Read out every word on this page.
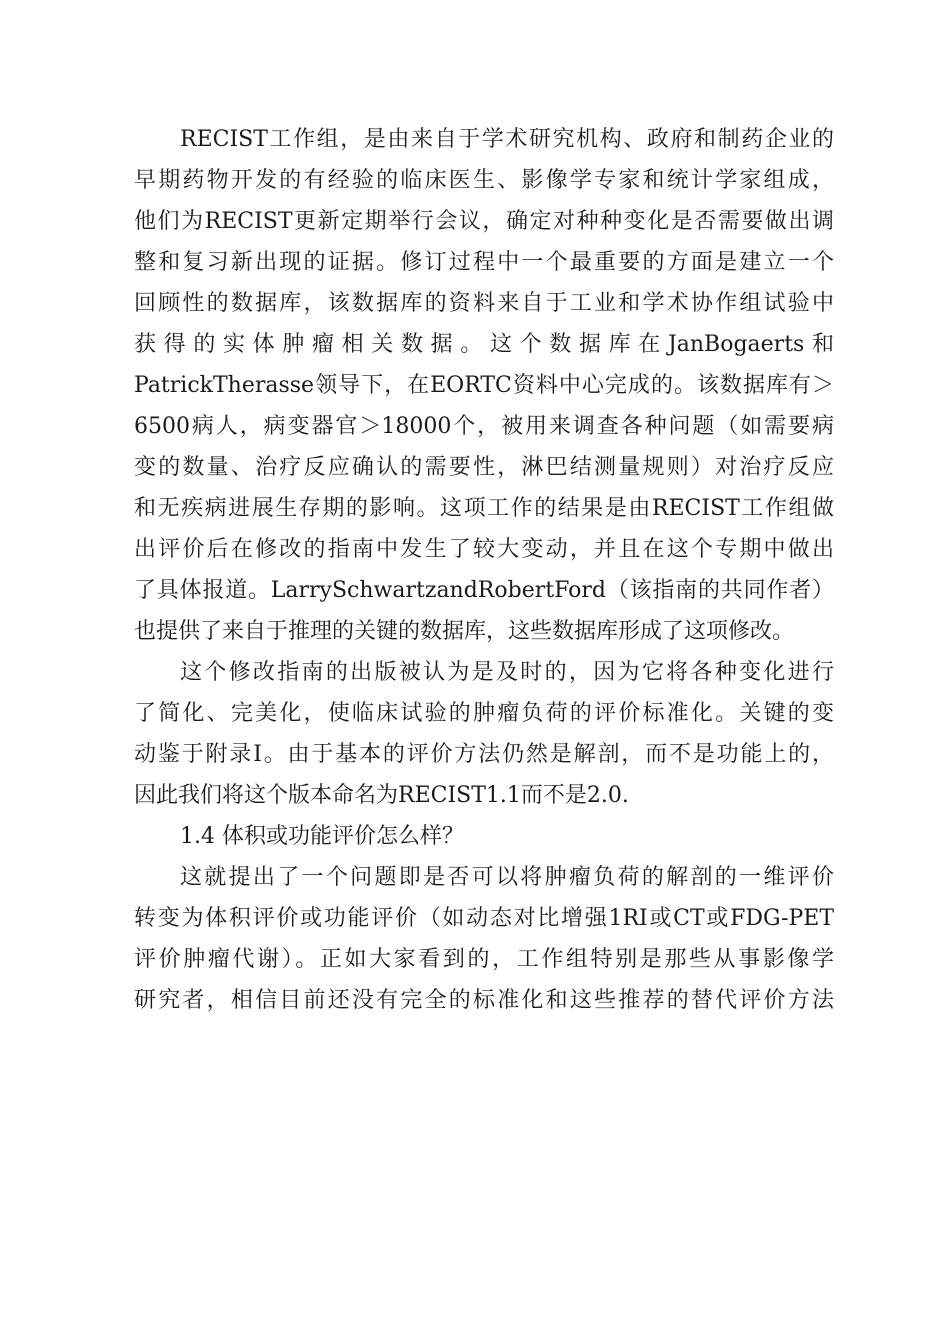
RECIST工作组，是由来自于学术研究机构、政府和制药企业的
早期药物开发的有经验的临床医生、影像学专家和统计学家组成，
他们为RECIST更新定期举行会议，确定对种种变化是否需要做出调
整和复习新出现的证据。修订过程中一个最重要的方面是建立一个
回顾性的数据库，该数据库的资料来自于工业和学术协作组试验中
获得的实体肿瘤相关数据。这个数据库在JanBogaerts和
PatrickTherasse领导下，在EORTC资料中心完成的。该数据库有＞
6500病人，病变器官＞18000个，被用来调查各种问题（如需要病
变的数量、治疗反应确认的需要性，淋巴结测量规则）对治疗反应
和无疾病进展生存期的影响。这项工作的结果是由RECIST工作组做
出评价后在修改的指南中发生了较大变动，并且在这个专期中做出
了具体报道。LarrySchwartzandRobertFord（该指南的共同作者）
也提供了来自于推理的关键的数据库，这些数据库形成了这项修改。
这个修改指南的出版被认为是及时的，因为它将各种变化进行
了简化、完美化，使临床试验的肿瘤负荷的评价标准化。关键的变
动鉴于附录I。由于基本的评价方法仍然是解剖，而不是功能上的，
因此我们将这个版本命名为RECIST1.1而不是2.0.
1.4 体积或功能评价怎么样？
这就提出了一个问题即是否可以将肿瘤负荷的解剖的一维评价
转变为体积评价或功能评价（如动态对比增强1RI或CT或FDG-PET
评价肿瘤代谢）。正如大家看到的，工作组特别是那些从事影像学
研究者，相信目前还没有完全的标准化和这些推荐的替代评价方法
